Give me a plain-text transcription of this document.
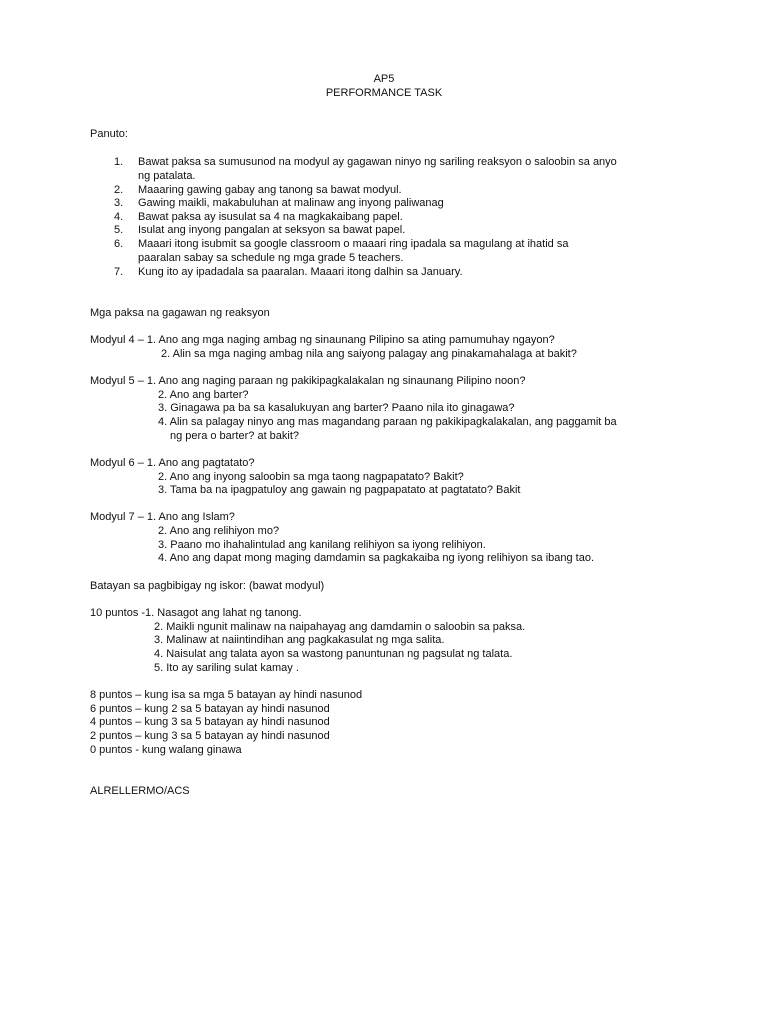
AP5
PERFORMANCE TASK
Panuto:
1. Bawat paksa sa sumusunod na modyul ay gagawan ninyo ng sariling reaksyon o saloobin sa anyo
ng patalata.
2. Maaaring gawing gabay ang tanong sa bawat modyul.
3. Gawing maikli, makabuluhan at malinaw ang inyong paliwanag
4. Bawat paksa ay isusulat sa 4 na magkakaibang papel.
5. Isulat ang inyong pangalan at seksyon sa bawat papel.
6. Maaari itong isubmit sa google classroom o maaari ring ipadala sa magulang at ihatid sa
paaralan sabay sa schedule ng mga grade 5 teachers.
7. Kung ito ay ipadadala sa paaralan. Maaari itong dalhin sa January.
Mga paksa na gagawan ng reaksyon
Modyul 4 – 1. Ano ang mga naging ambag ng sinaunang Pilipino sa ating pamumuhay ngayon?
2. Alin sa mga naging ambag nila ang saiyong palagay ang pinakamahalaga at bakit?
Modyul 5 – 1. Ano ang naging paraan ng pakikipagkalakalan ng sinaunang Pilipino noon?
2. Ano ang barter?
3. Ginagawa pa ba sa kasalukuyan ang barter? Paano nila ito ginagawa?
4. Alin sa palagay ninyo ang mas magandang paraan ng pakikipagkalakalan, ang paggamit ba
ng pera o barter? at bakit?
Modyul 6 – 1. Ano ang pagtatato?
2. Ano ang inyong saloobin sa mga taong nagpapatato? Bakit?
3. Tama ba na ipagpatuloy ang gawain ng pagpapatato at pagtatato? Bakit
Modyul 7 – 1. Ano ang Islam?
2. Ano ang relihiyon mo?
3. Paano mo ihahalintulad ang kanilang relihiyon sa iyong relihiyon.
4. Ano ang dapat mong maging damdamin sa pagkakaiba ng iyong relihiyon sa ibang tao.
Batayan sa pagbibigay ng iskor: (bawat modyul)
10 puntos -1. Nasagot ang lahat ng tanong.
2. Maikli ngunit malinaw na naipahayag ang damdamin o saloobin sa paksa.
3. Malinaw at naiintindihan ang pagkakasulat ng mga salita.
4. Naisulat ang talata ayon sa wastong panuntunan ng pagsulat ng talata.
5. Ito ay sariling sulat kamay .
8 puntos – kung isa sa mga 5 batayan ay hindi nasunod
6 puntos – kung 2 sa 5 batayan ay hindi nasunod
4 puntos – kung 3 sa 5 batayan ay hindi nasunod
2 puntos – kung 3 sa 5 batayan ay hindi nasunod
0 puntos - kung walang ginawa
ALRELLERMO/ACS
